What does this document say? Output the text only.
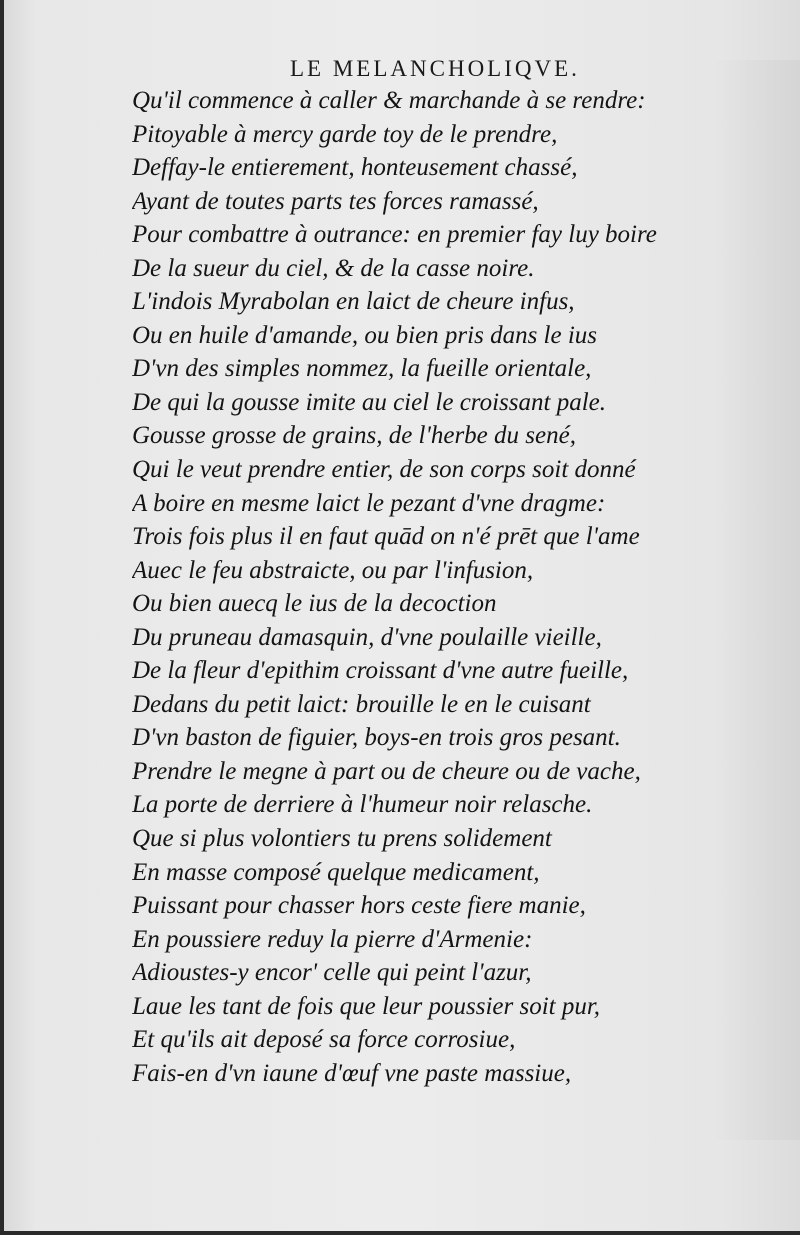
LE MELANCHOLIQVE.
Qu'il commence à caller & marchande à se rendre:
Pitoyable à mercy garde toy de le prendre,
Deffay-le entierement, honteusement chassé,
Ayant de toutes parts tes forces ramassé,
Pour combattre à outrance: en premier fay luy boire
De la sueur du ciel, & de la casse noire.
L'indois Myrabolan en laict de cheure infus,
Ou en huile d'amande, ou bien pris dans le ius
D'vn des simples nommez, la fueille orientale,
De qui la gousse imite au ciel le croissant pale.
Gousse grosse de grains, de l'herbe du sené,
Qui le veut prendre entier, de son corps soit donné
A boire en mesme laict le pezant d'vne dragme:
Trois fois plus il en faut quād on n'é prēt que l'ame
Auec le feu abstraicte, ou par l'infusion,
Ou bien auecq le ius de la decoction
Du pruneau damasquin, d'vne poulaille vieille,
De la fleur d'epithim croissant d'vne autre fueille,
Dedans du petit laict: brouille le en le cuisant
D'vn baston de figuier, boys-en trois gros pesant.
Prendre le megne à part ou de cheure ou de vache,
La porte de derriere à l'humeur noir relasche.
Que si plus volontiers tu prens solidement
En masse composé quelque medicament,
Puissant pour chasser hors ceste fiere manie,
En poussiere reduy la pierre d'Armenie:
Adioustes-y encor' celle qui peint l'azur,
Laue les tant de fois que leur poussier soit pur,
Et qu'ils ait deposé sa force corrosiue,
Fais-en d'vn iaune d'œuf vne paste massiue,
